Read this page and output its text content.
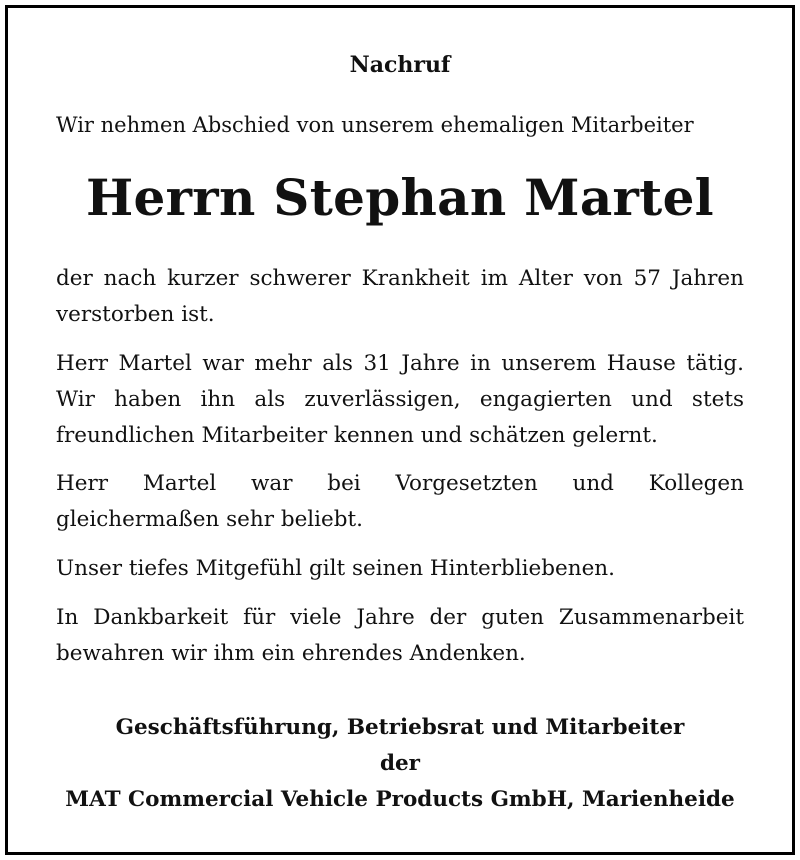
Nachruf

Wir nehmen Abschied von unserem ehemaligen Mitarbeiter

Herrn Stephan Martel

der nach kurzer schwerer Krankheit im Alter von 57 Jahren verstorben ist.

Herr Martel war mehr als 31 Jahre in unserem Hause tätig. Wir haben ihn als zuverlässigen, engagierten und stets freundlichen Mitarbeiter kennen und schätzen gelernt.

Herr Martel war bei Vorgesetzten und Kollegen gleichermaßen sehr beliebt.

Unser tiefes Mitgefühl gilt seinen Hinterbliebenen.

In Dankbarkeit für viele Jahre der guten Zusammenarbeit bewahren wir ihm ein ehrendes Andenken.

Geschäftsführung, Betriebsrat und Mitarbeiter
der
MAT Commercial Vehicle Products GmbH, Marienheide
